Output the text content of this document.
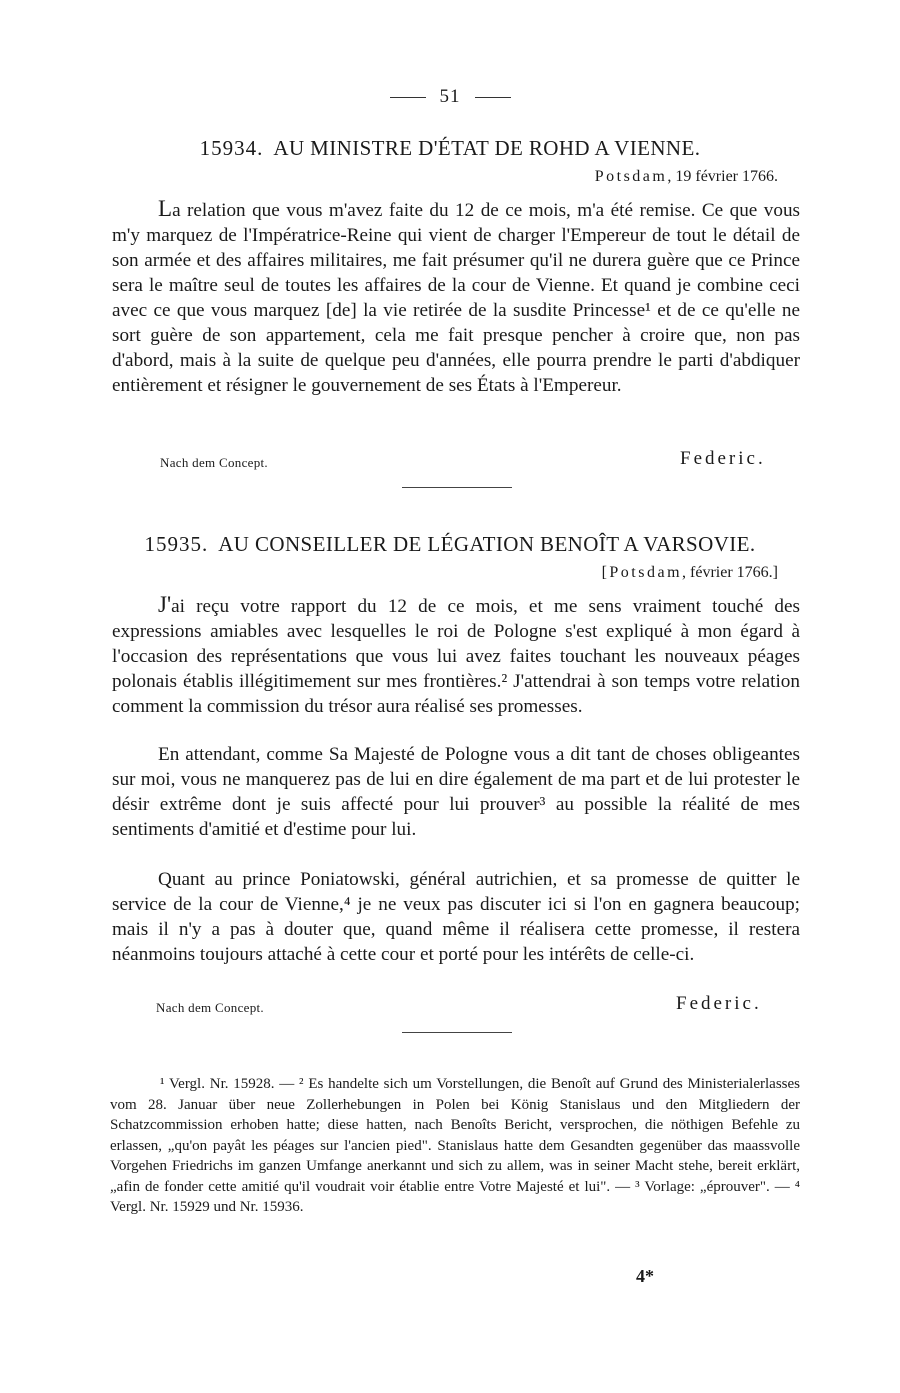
51
15934. AU MINISTRE D'ÉTAT DE ROHD A VIENNE.
Potsdam, 19 février 1766.

La relation que vous m'avez faite du 12 de ce mois, m'a été remise. Ce que vous m'y marquez de l'Impératrice-Reine qui vient de charger l'Empereur de tout le détail de son armée et des affaires militaires, me fait présumer qu'il ne durera guère que ce Prince sera le maître seul de toutes les affaires de la cour de Vienne. Et quand je combine ceci avec ce que vous marquez [de] la vie retirée de la susdite Princesse¹ et de ce qu'elle ne sort guère de son appartement, cela me fait presque pencher à croire que, non pas d'abord, mais à la suite de quelque peu d'années, elle pourra prendre le parti d'abdiquer entièrement et résigner le gouvernement de ses États à l'Empereur.

Nach dem Concept.	Federic.
15935. AU CONSEILLER DE LÉGATION BENOÎT A VARSOVIE.
[Potsdam, février 1766.]

J'ai reçu votre rapport du 12 de ce mois, et me sens vraiment touché des expressions amiables avec lesquelles le roi de Pologne s'est expliqué à mon égard à l'occasion des représentations que vous lui avez faites touchant les nouveaux péages polonais établis illégitimement sur mes frontières.² J'attendrai à son temps votre relation comment la commission du trésor aura réalisé ses promesses.

En attendant, comme Sa Majesté de Pologne vous a dit tant de choses obligeantes sur moi, vous ne manquerez pas de lui en dire également de ma part et de lui protester le désir extrême dont je suis affecté pour lui prouver³ au possible la réalité de mes sentiments d'amitié et d'estime pour lui.

Quant au prince Poniatowski, général autrichien, et sa promesse de quitter le service de la cour de Vienne,⁴ je ne veux pas discuter ici si l'on en gagnera beaucoup; mais il n'y a pas à douter que, quand même il réalisera cette promesse, il restera néanmoins toujours attaché à cette cour et porté pour les intérêts de celle-ci.

Nach dem Concept.	Federic.

¹ Vergl. Nr. 15928. — ² Es handelte sich um Vorstellungen, die Benoît auf Grund des Ministerialerlasses vom 28. Januar über neue Zollerhebungen in Polen bei König Stanislaus und den Mitgliedern der Schatzcommission erhoben hatte; diese hatten, nach Benoîts Bericht, versprochen, die nöthigen Befehle zu erlassen, „qu'on payât les péages sur l'ancien pied". Stanislaus hatte dem Gesandten gegenüber das maassvolle Vorgehen Friedrichs im ganzen Umfange anerkannt und sich zu allem, was in seiner Macht stehe, bereit erklärt, „afin de fonder cette amitié qu'il voudrait voir établie entre Votre Majesté et lui". — ³ Vorlage: „éprouver". — ⁴ Vergl. Nr. 15929 und Nr. 15936.

4*
